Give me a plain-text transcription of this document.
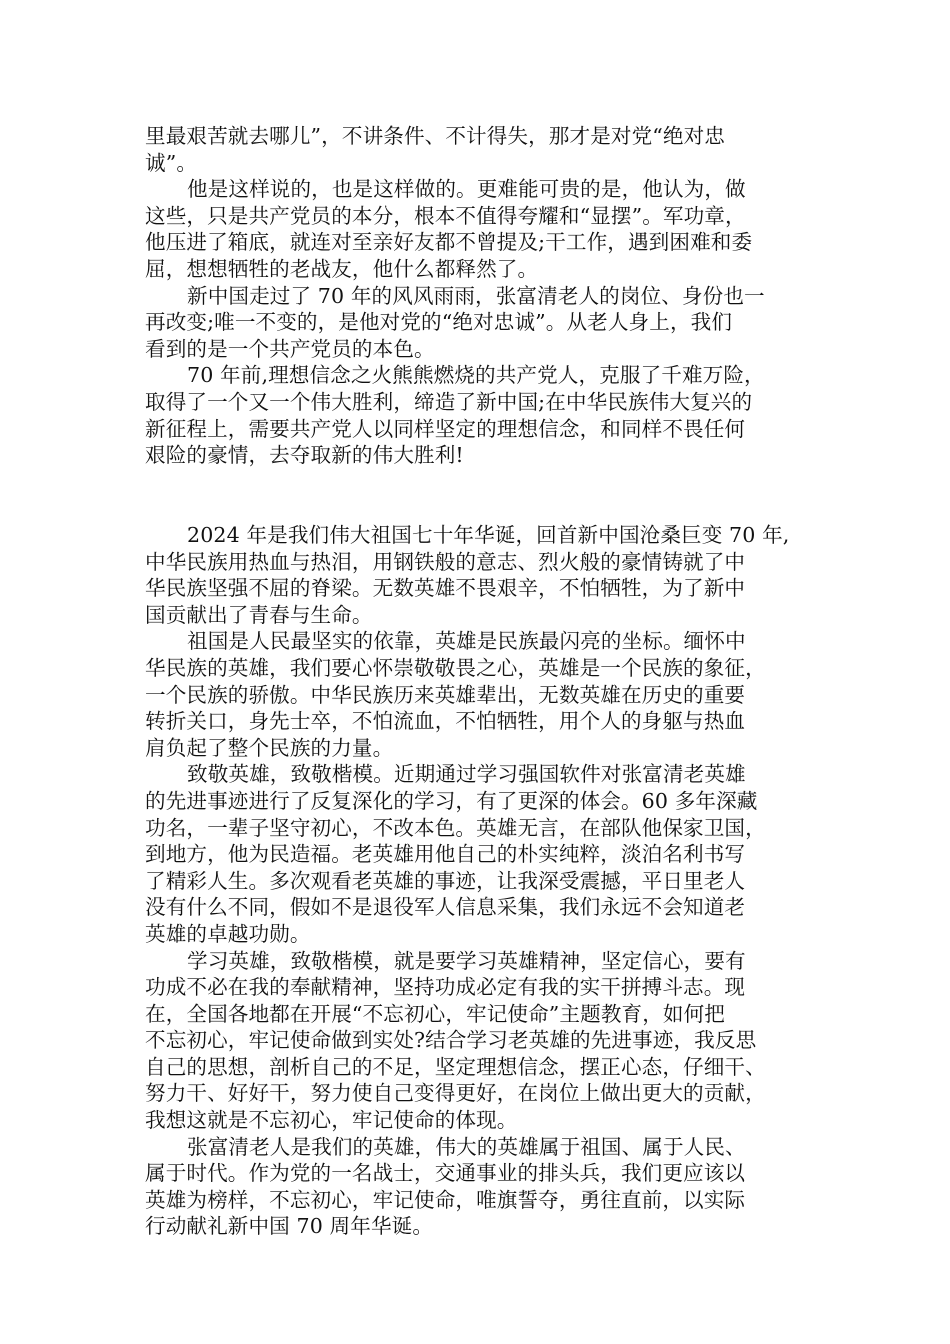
里最艰苦就去哪儿”，不讲条件、不计得失，那才是对党“绝对忠
诚”。
他是这样说的，也是这样做的。更难能可贵的是，他认为，做
这些，只是共产党员的本分，根本不值得夸耀和“显摆”。军功章，
他压进了箱底，就连对至亲好友都不曾提及;干工作，遇到困难和委
屈，想想牺牲的老战友，他什么都释然了。
新中国走过了 70 年的风风雨雨，张富清老人的岗位、身份也一
再改变;唯一不变的，是他对党的“绝对忠诚”。从老人身上，我们
看到的是一个共产党员的本色。
70 年前,理想信念之火熊熊燃烧的共产党人，克服了千难万险，
取得了一个又一个伟大胜利，缔造了新中国;在中华民族伟大复兴的
新征程上，需要共产党人以同样坚定的理想信念，和同样不畏任何
艰险的豪情，去夺取新的伟大胜利!
2024 年是我们伟大祖国七十年华诞，回首新中国沧桑巨变 70 年,
中华民族用热血与热泪，用钢铁般的意志、烈火般的豪情铸就了中
华民族坚强不屈的脊梁。无数英雄不畏艰辛，不怕牺牲，为了新中
国贡献出了青春与生命。
祖国是人民最坚实的依靠，英雄是民族最闪亮的坐标。缅怀中
华民族的英雄，我们要心怀崇敬敬畏之心，英雄是一个民族的象征，
一个民族的骄傲。中华民族历来英雄辈出，无数英雄在历史的重要
转折关口，身先士卒，不怕流血，不怕牺牲，用个人的身躯与热血
肩负起了整个民族的力量。
致敬英雄，致敬楷模。近期通过学习强国软件对张富清老英雄
的先进事迹进行了反复深化的学习，有了更深的体会。60 多年深藏
功名，一辈子坚守初心，不改本色。英雄无言，在部队他保家卫国，
到地方，他为民造福。老英雄用他自己的朴实纯粹，淡泊名利书写
了精彩人生。多次观看老英雄的事迹，让我深受震撼，平日里老人
没有什么不同，假如不是退役军人信息采集，我们永远不会知道老
英雄的卓越功勋。
学习英雄，致敬楷模，就是要学习英雄精神，坚定信心，要有
功成不必在我的奉献精神，坚持功成必定有我的实干拼搏斗志。现
在，全国各地都在开展“不忘初心，牢记使命”主题教育，如何把
不忘初心，牢记使命做到实处?结合学习老英雄的先进事迹，我反思
自己的思想，剖析自己的不足，坚定理想信念，摆正心态，仔细干、
努力干、好好干，努力使自己变得更好，在岗位上做出更大的贡献，
我想这就是不忘初心，牢记使命的体现。
张富清老人是我们的英雄，伟大的英雄属于祖国、属于人民、
属于时代。作为党的一名战士，交通事业的排头兵，我们更应该以
英雄为榜样，不忘初心，牢记使命，唯旗誓夺，勇往直前，以实际
行动献礼新中国 70 周年华诞。
